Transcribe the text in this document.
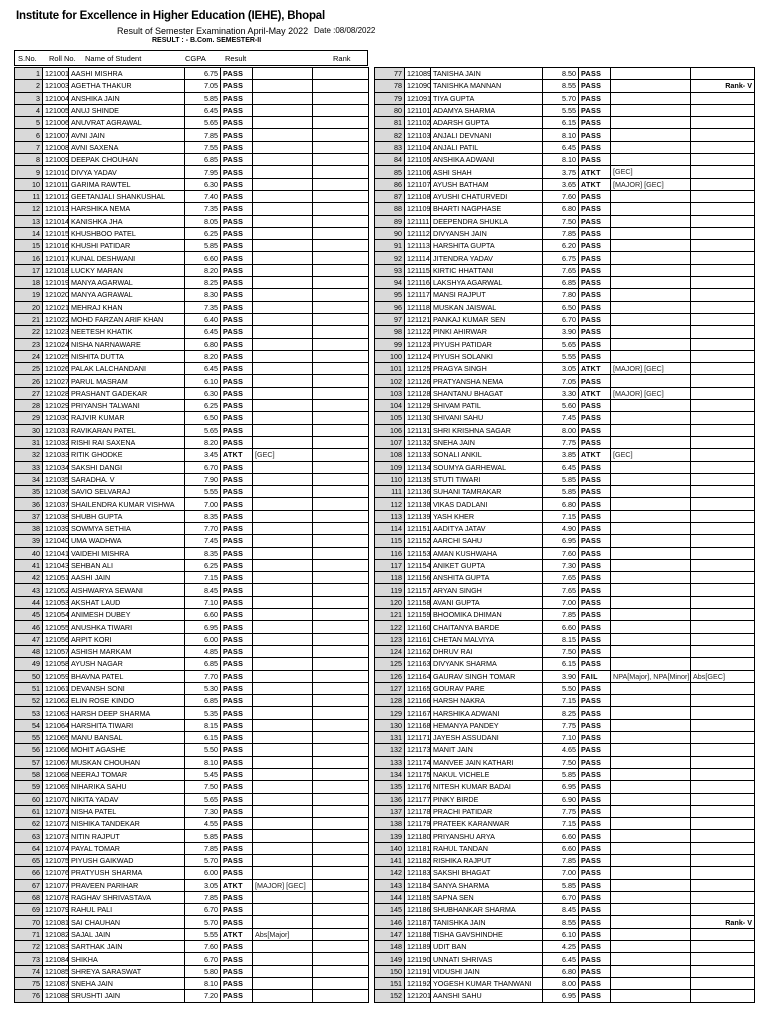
Institute for Excellence in Higher Education (IEHE), Bhopal
Result of Semester Examination April-May 2022 Date :08/08/2022
RESULT : - B.Com. SEMESTER-II
S.No. Roll No. Name of Student	CGPA	Result	Rank
1	121001	AASHI MISHRA	6.75	PASS		
2	121003	AGETHA THAKUR	7.05	PASS		
3	121004	ANSHIKA JAIN	5.85	PASS		
4	121005	ANUJ SHINDE	6.45	PASS		
5	121006	ANUVRAT AGRAWAL	5.65	PASS		
6	121007	AVNI JAIN	7.85	PASS		
7	121008	AVNI SAXENA	7.55	PASS		
8	121009	DEEPAK CHOUHAN	6.85	PASS		
9	121010	DIVYA YADAV	7.95	PASS		
10	121011	GARIMA RAWTEL	6.30	PASS		
11	121012	GEETANJALI SHANKUSHAL	7.40	PASS		
12	121013	HARSHIKA NEMA	7.35	PASS		
13	121014	KANISHKA JHA	8.05	PASS		
14	121015	KHUSHBOO PATEL	6.25	PASS		
15	121016	KHUSHI PATIDAR	5.85	PASS		
16	121017	KUNAL DESHWANI	6.60	PASS		
17	121018	LUCKY MARAN	8.20	PASS		
18	121019	MANYA AGARWAL	8.25	PASS		
19	121020	MANYA AGRAWAL	8.30	PASS		
20	121021	MEHRAJ KHAN	7.35	PASS		
21	121022	MOHD FARZAN ARIF KHAN	6.40	PASS		
22	121023	NEETESH KHATIK	6.45	PASS		
23	121024	NISHA NARNAWARE	6.80	PASS		
24	121025	NISHITA DUTTA	8.20	PASS		
25	121026	PALAK LALCHANDANI	6.45	PASS		
26	121027	PARUL MASRAM	6.10	PASS		
27	121028	PRASHANT GADEKAR	6.30	PASS		
28	121029	PRIYANSH TALWANI	6.25	PASS		
29	121030	RAJVIR KUMAR	6.50	PASS		
30	121031	RAVIKARAN PATEL	5.65	PASS		
31	121032	RISHI RAI SAXENA	8.20	PASS		
32	121033	RITIK GHODKE	3.45	ATKT	[GEC]	
33	121034	SAKSHI DANGI	6.70	PASS		
34	121035	SARADHA. V	7.90	PASS		
35	121036	SAVIO SELVARAJ	5.55	PASS		
36	121037	SHAILENDRA KUMAR VISHWA	7.00	PASS		
37	121038	SHUBH GUPTA	8.35	PASS		
38	121039	SOWMYA SETHIA	7.70	PASS		
39	121040	UMA WADHWA	7.45	PASS		
40	121041	VAIDEHI MISHRA	8.35	PASS		
41	121043	SEHBAN ALI	6.25	PASS		
42	121051	AASHI JAIN	7.15	PASS		
43	121052	AISHWARYA SEWANI	8.45	PASS		
44	121053	AKSHAT LAUD	7.10	PASS		
45	121054	ANIMESH DUBEY	6.60	PASS		
46	121055	ANUSHKA TIWARI	6.95	PASS		
47	121056	ARPIT KORI	6.00	PASS		
48	121057	ASHISH MARKAM	4.85	PASS		
49	121058	AYUSH NAGAR	6.85	PASS		
50	121059	BHAVNA PATEL	7.70	PASS		
51	121061	DEVANSH SONI	5.30	PASS		
52	121062	ELIN ROSE KINDO	6.85	PASS		
53	121063	HARSH DEEP SHARMA	5.35	PASS		
54	121064	HARSHITA TIWARI	8.15	PASS		
55	121065	MANU BANSAL	6.15	PASS		
56	121066	MOHIT AGASHE	5.50	PASS		
57	121067	MUSKAN CHOUHAN	8.10	PASS		
58	121068	NEERAJ TOMAR	5.45	PASS		
59	121069	NIHARIKA SAHU	7.50	PASS		
60	121070	NIKITA YADAV	5.65	PASS		
61	121071	NISHA PATEL	7.30	PASS		
62	121072	NISHIKA TANDEKAR	4.55	PASS		
63	121073	NITIN RAJPUT	5.85	PASS		
64	121074	PAYAL TOMAR	7.85	PASS		
65	121075	PIYUSH GAIKWAD	5.70	PASS		
66	121076	PRATYUSH SHARMA	6.00	PASS		
67	121077	PRAVEEN PARIHAR	3.05	ATKT	[MAJOR] [GEC]	
68	121078	RAGHAV SHRIVASTAVA	7.85	PASS		
69	121079	RAHUL PALI	6.70	PASS		
70	121081	SAI CHAUHAN	5.70	PASS		
71	121082	SAJAL JAIN	5.55	ATKT	Abs[Major]	
72	121083	SARTHAK JAIN	7.60	PASS		
73	121084	SHIKHA	6.70	PASS		
74	121085	SHREYA SARASWAT	5.80	PASS		
75	121087	SNEHA JAIN	8.10	PASS		
76	121088	SRUSHTI JAIN	7.20	PASS		
77	121089	TANISHA JAIN	8.50	PASS		
78	121090	TANISHKA MANNAN	8.55	PASS		Rank- V
79	121091	TIYA GUPTA	5.70	PASS		
80	121101	ADAMYA SHARMA	5.55	PASS		
81	121102	ADARSH GUPTA	6.15	PASS		
82	121103	ANJALI DEVNANI	8.10	PASS		
83	121104	ANJALI PATIL	6.45	PASS		
84	121105	ANSHIKA ADWANI	8.10	PASS		
85	121106	ASHI SHAH	3.75	ATKT	[GEC]	
86	121107	AYUSH BATHAM	3.65	ATKT	[MAJOR] [GEC]	
87	121108	AYUSHI CHATURVEDI	7.60	PASS		
88	121109	BHARTI NAGPHASE	6.80	PASS		
89	121111	DEEPENDRA SHUKLA	7.50	PASS		
90	121112	DIVYANSH JAIN	7.85	PASS		
91	121113	HARSHITA GUPTA	6.20	PASS		
92	121114	JITENDRA YADAV	6.75	PASS		
93	121115	KIRTIC HHATTANI	7.65	PASS		
94	121116	LAKSHYA AGARWAL	6.85	PASS		
95	121117	MANSI RAJPUT	7.80	PASS		
96	121118	MUSKAN JAISWAL	6.50	PASS		
97	121121	PANKAJ KUMAR SEN	6.70	PASS		
98	121122	PINKI AHIRWAR	3.90	PASS		
99	121123	PIYUSH PATIDAR	5.65	PASS		
100	121124	PIYUSH SOLANKI	5.55	PASS		
101	121125	PRAGYA SINGH	3.05	ATKT	[MAJOR] [GEC]	
102	121126	PRATYANSHA NEMA	7.05	PASS		
103	121128	SHANTANU BHAGAT	3.30	ATKT	[MAJOR] [GEC]	
104	121129	SHIVAM PATIL	5.60	PASS		
105	121130	SHIVANI SAHU	7.45	PASS		
106	121131	SHRI KRISHNA SAGAR	8.00	PASS		
107	121132	SNEHA JAIN	7.75	PASS		
108	121133	SONALI ANKIL	3.85	ATKT	[GEC]	
109	121134	SOUMYA GARHEWAL	6.45	PASS		
110	121135	STUTI TIWARI	5.85	PASS		
111	121136	SUHANI TAMRAKAR	5.85	PASS		
112	121138	VIKAS DADLANI	6.80	PASS		
113	121139	YASH KHER	7.15	PASS		
114	121151	AADITYA JATAV	4.90	PASS		
115	121152	AARCHI SAHU	6.95	PASS		
116	121153	AMAN KUSHWAHA	7.60	PASS		
117	121154	ANIKET GUPTA	7.30	PASS		
118	121156	ANSHITA GUPTA	7.65	PASS		
119	121157	ARYAN SINGH	7.65	PASS		
120	121158	AVANI GUPTA	7.00	PASS		
121	121159	BHOOMIKA DHIMAN	7.85	PASS		
122	121160	CHAITANYA BARDE	6.60	PASS		
123	121161	CHETAN MALVIYA	8.15	PASS		
124	121162	DHRUV RAI	7.50	PASS		
125	121163	DIVYANK SHARMA	6.15	PASS		
126	121164	GAURAV SINGH TOMAR	3.90	FAIL	NPA[Major], NPA[Minor], Abs[GEC]	
127	121165	GOURAV PARE	5.50	PASS		
128	121166	HARSH NAKRA	7.15	PASS		
129	121167	HARSHIKA ADWANI	8.25	PASS		
130	121168	HEMANYA PANDEY	7.75	PASS		
131	121171	JAYESH ASSUDANI	7.10	PASS		
132	121173	MANIT JAIN	4.65	PASS		
133	121174	MANVEE JAIN KATHARI	7.50	PASS		
134	121175	NAKUL VICHELE	5.85	PASS		
135	121176	NITESH KUMAR BADAI	6.95	PASS		
136	121177	PINKY BIRDE	6.90	PASS		
137	121178	PRACHI PATIDAR	7.75	PASS		
138	121179	PRATEEK KARANWAR	7.15	PASS		
139	121180	PRIYANSHU ARYA	6.60	PASS		
140	121181	RAHUL TANDAN	6.60	PASS		
141	121182	RISHIKA RAJPUT	7.85	PASS		
142	121183	SAKSHI BHAGAT	7.00	PASS		
143	121184	SANYA SHARMA	5.85	PASS		
144	121185	SAPNA SEN	6.70	PASS		
145	121186	SHUBHANKAR SHARMA	8.45	PASS		
146	121187	TANISHKA JAIN	8.55	PASS		Rank- V
147	121188	TISHA GAVSHINDHE	6.10	PASS		
148	121189	UDIT BAN	4.25	PASS		
149	121190	UNNATI SHRIVAS	6.45	PASS		
150	121191	VIDUSHI JAIN	6.80	PASS		
151	121192	YOGESH KUMAR THANWANI	8.00	PASS		
152	121201	AANSHI SAHU	6.95	PASS		
